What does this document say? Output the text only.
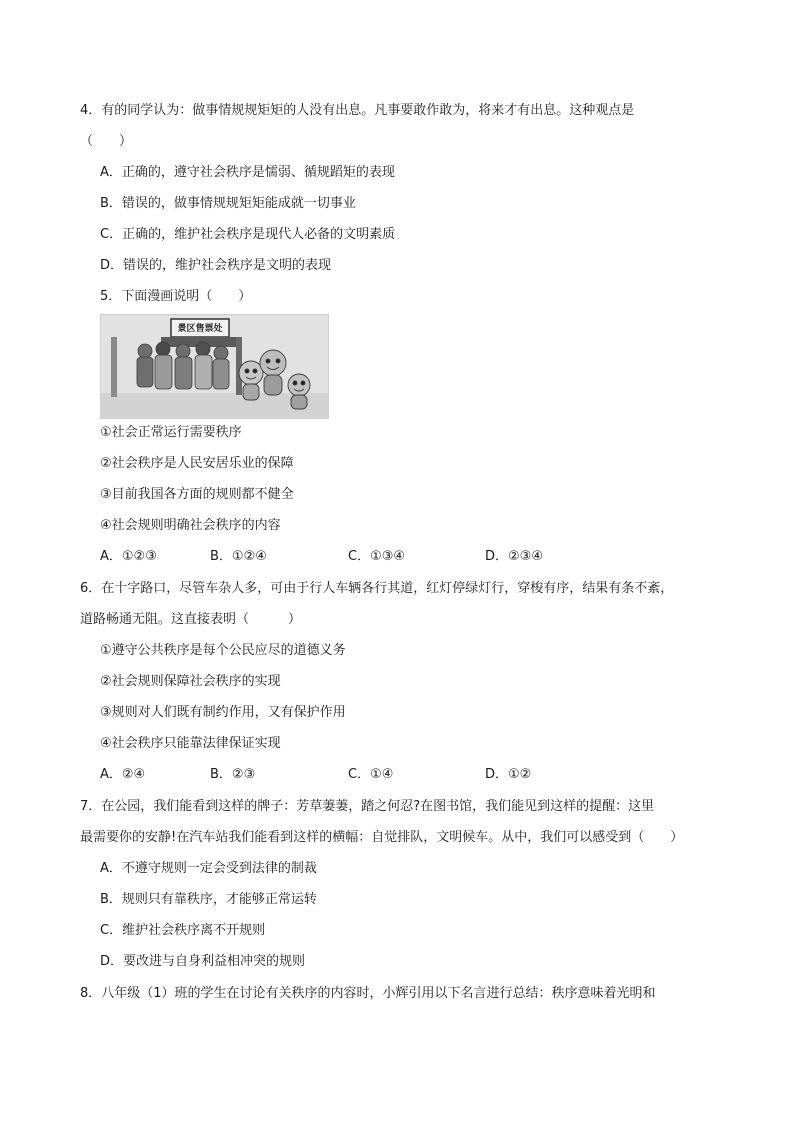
4．有的同学认为：做事情规规矩矩的人没有出息。凡事要敢作敢为，将来才有出息。这种观点是
（　　）
A．正确的，遵守社会秩序是懦弱、循规蹈矩的表现
B．错误的，做事情规规矩矩能成就一切事业
C．正确的，维护社会秩序是现代人必备的文明素质
D．错误的，维护社会秩序是文明的表现
5．下面漫画说明（　　）
景区售票处
①社会正常运行需要秩序
②社会秩序是人民安居乐业的保障
③目前我国各方面的规则都不健全
④社会规则明确社会秩序的内容
A．①②③	B．①②④	C．①③④	D．②③④
6．在十字路口，尽管车杂人多，可由于行人车辆各行其道，红灯停绿灯行，穿梭有序，结果有条不紊，
道路畅通无阻。这直接表明（　　　）
①遵守公共秩序是每个公民应尽的道德义务
②社会规则保障社会秩序的实现
③规则对人们既有制约作用，又有保护作用
④社会秩序只能靠法律保证实现
A．②④	B．②③	C．①④	D．①②
7．在公园，我们能看到这样的牌子：芳草萋萋，踏之何忍?在图书馆，我们能见到这样的提醒：这里
最需要你的安静!在汽车站我们能看到这样的横幅：自觉排队，文明候车。从中，我们可以感受到（　　）
A．不遵守规则一定会受到法律的制裁
B．规则只有靠秩序，才能够正常运转
C．维护社会秩序离不开规则
D．要改进与自身利益相冲突的规则
8．八年级（1）班的学生在讨论有关秩序的内容时，小辉引用以下名言进行总结：秩序意味着光明和
